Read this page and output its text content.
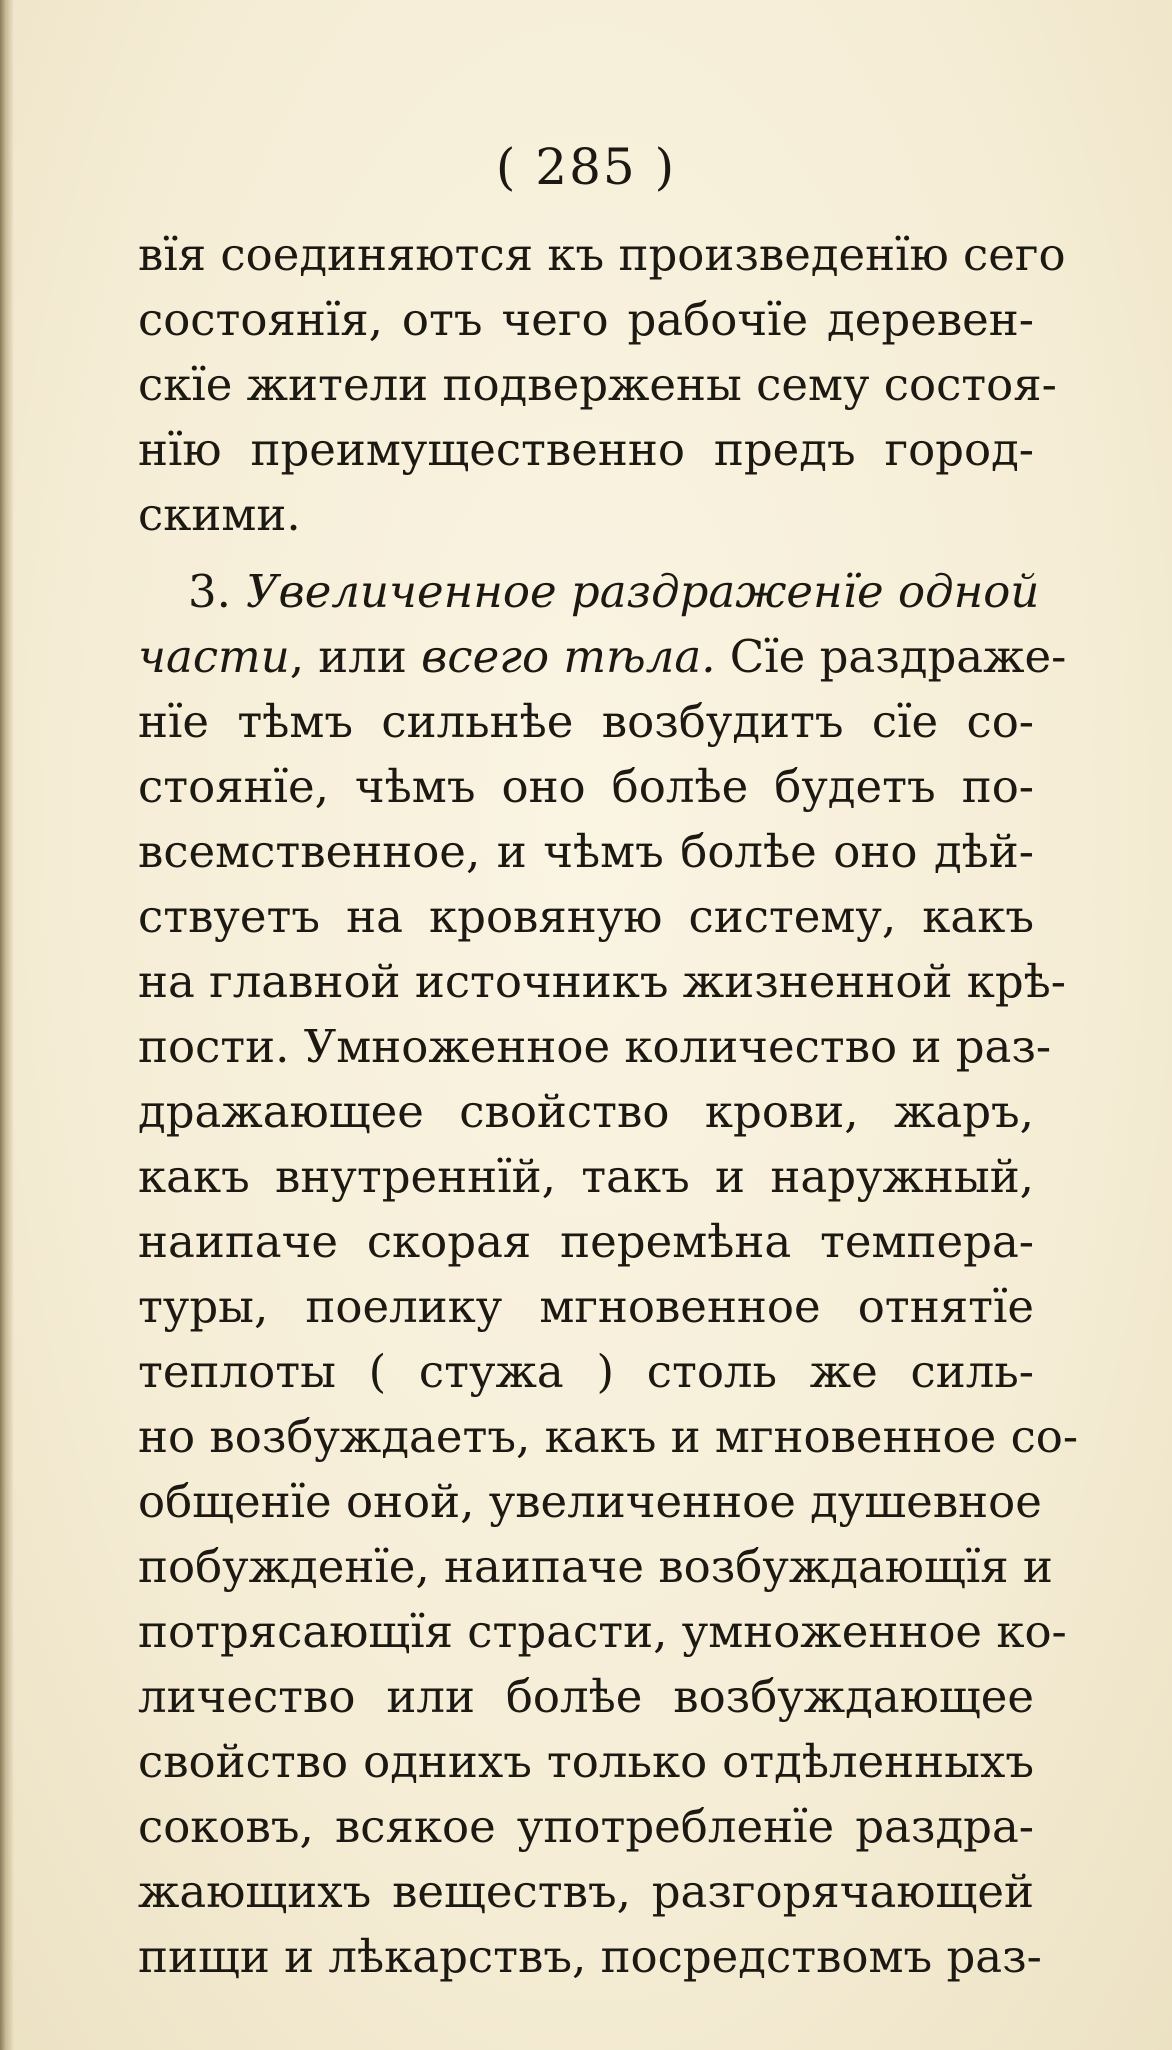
( 285 )
вïя соединяются къ произведенïю сего
состоянïя, отъ чего рабочïе деревен-
скïе жители подвержены сему состоя-
нïю преимущественно предъ город-
скими.
3. Увеличенное раздраженïе одной
части, или всего тѣла. Сïе раздраже-
нïе тѣмъ сильнѣе возбудитъ сïе со-
стоянïе, чѣмъ оно болѣе будетъ по-
всемственное, и чѣмъ болѣе оно дѣй-
ствуетъ на кровяную систему, какъ
на главной источникъ жизненной крѣ-
пости. Умноженное количество и раз-
дражающее свойство крови, жаръ,
какъ внутреннïй, такъ и наружный,
наипаче скорая перемѣна темпера-
туры, поелику мгновенное отнятïе
теплоты ( стужа ) столь же силь-
но возбуждаетъ, какъ и мгновенное со-
общенïе оной, увеличенное душевное
побужденïе, наипаче возбуждающïя и
потрясающïя страсти, умноженное ко-
личество или болѣе возбуждающее
свойство однихъ только отдѣленныхъ
соковъ, всякое употребленïе раздра-
жающихъ веществъ, разгорячающей
пищи и лѣкарствъ, посредствомъ раз-
